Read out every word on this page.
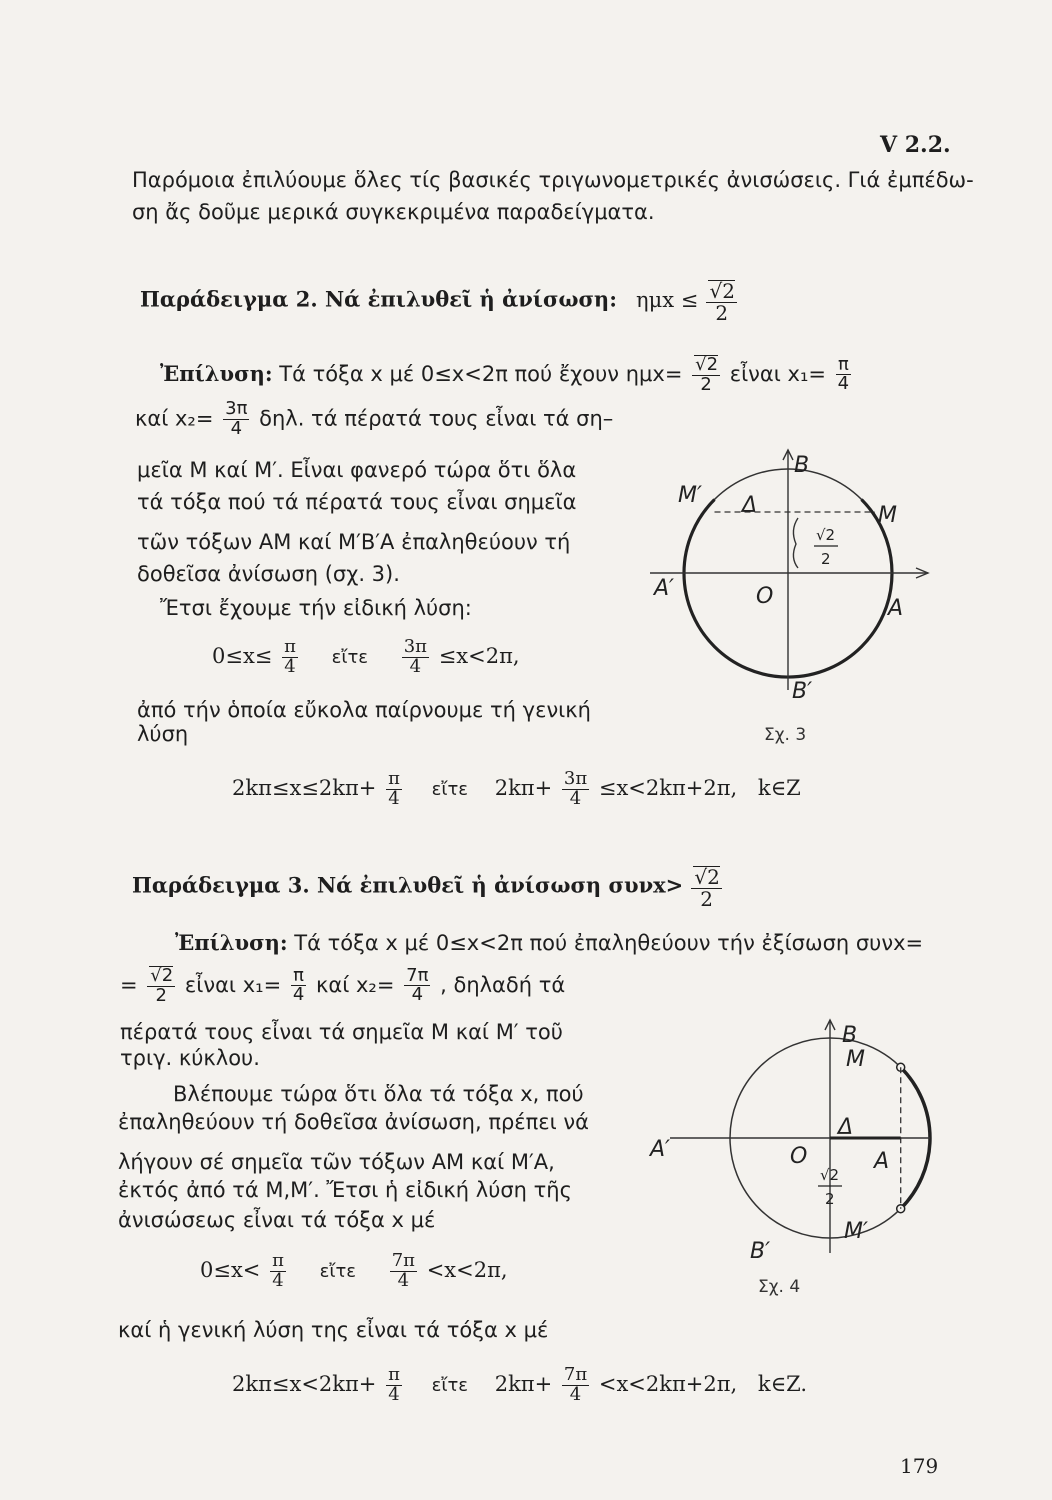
V 2.2.
Παρόμοια ἐπιλύουμε ὅλες τίς βασικές τριγωνομετρικές ἀνισώσεις. Γιά ἐμπέδω-
ση ἄς δοῦμε μερικά συγκεκριμένα παραδείγματα.
Παράδειγμα 2. Νά ἐπιλυθεῖ ἡ ἀνίσωση: $\eta\mu x \le \frac{√2}{2}$
Ἐπίλυση: Τά τόξα x μέ 0≤x<2π πού ἔχουν $\eta\mu x= \frac{√2}{2}$ εἶναι $x_1= \frac{\pi}{4}$
καί $x_2= \frac{3\pi}{4} \delta\eta\lambda$. τά πέρατά τους εἶναι τά ση–
μεῖα Μ καί Μ′. Εἶναι φανερό τώρα ὅτι ὅλα
τά τόξα πού τά πέρατά τους εἶναι σημεῖα
τῶν τόξων ΑΜ καί Μ′Β′Α ἐπαληθεύουν τή
δοθεῖσα ἀνίσωση (σχ. 3).
Ἔτσι ἔχουμε τήν εἰδική λύση:
$0\le x\le \frac{\pi}{4}$ εἴτε $\frac{3\pi}{4} \le x<2\pi$,
ἀπό τήν ὁποία εὔκολα παίρνουμε τή γενική
λύση
$2k\pi\le x\le 2k\pi+ \frac{\pi}{4}$ εἴτε $2k\pi+ \frac{3\pi}{4} \le x<2k\pi+2\pi$, k∈Z
Δ
B
M′
M
A′	O	A
B′
√2
2
Σχ. 3
Παράδειγμα 3. Νά ἐπιλυθεῖ ἡ ἀνίσωση $\sigma\upsilon\nu x> \frac{√2}{2}$
Ἐπίλυση: Τά τόξα x μέ 0≤x<2π πού ἐπαληθεύουν τήν ἐξίσωση συνx=
= $\frac{√2}{2}$ εἶναι $x_1= \frac{\pi}{4}$ καί $x_2= \frac{7\pi}{4}$ , δηλαδή τά
πέρατά τους εἶναι τά σημεῖα Μ καί Μ′ τοῦ
τριγ. κύκλου.
Βλέπουμε τώρα ὅτι ὅλα τά τόξα x, πού
ἐπαληθεύουν τή δοθεῖσα ἀνίσωση, πρέπει νά
λήγουν σέ σημεῖα τῶν τόξων ΑΜ καί Μ′Α,
ἐκτός ἀπό τά Μ,Μ′. Ἔτσι ἡ εἰδική λύση τῆς
ἀνισώσεως εἶναι τά τόξα x μέ
$0\le x< \frac{\pi}{4}$ εἴτε $\frac{7\pi}{4} <x<2\pi$,
καί ἡ γενική λύση της εἶναι τά τόξα x μέ
$2k\pi\le x<2k\pi+ \frac{\pi}{4}$ εἴτε $2k\pi+ \frac{7\pi}{4} <x<2k\pi+2\pi$, k∈Z.
B
M
Δ
A′	O	A
M′
B′
√2
2
Σχ. 4
179
